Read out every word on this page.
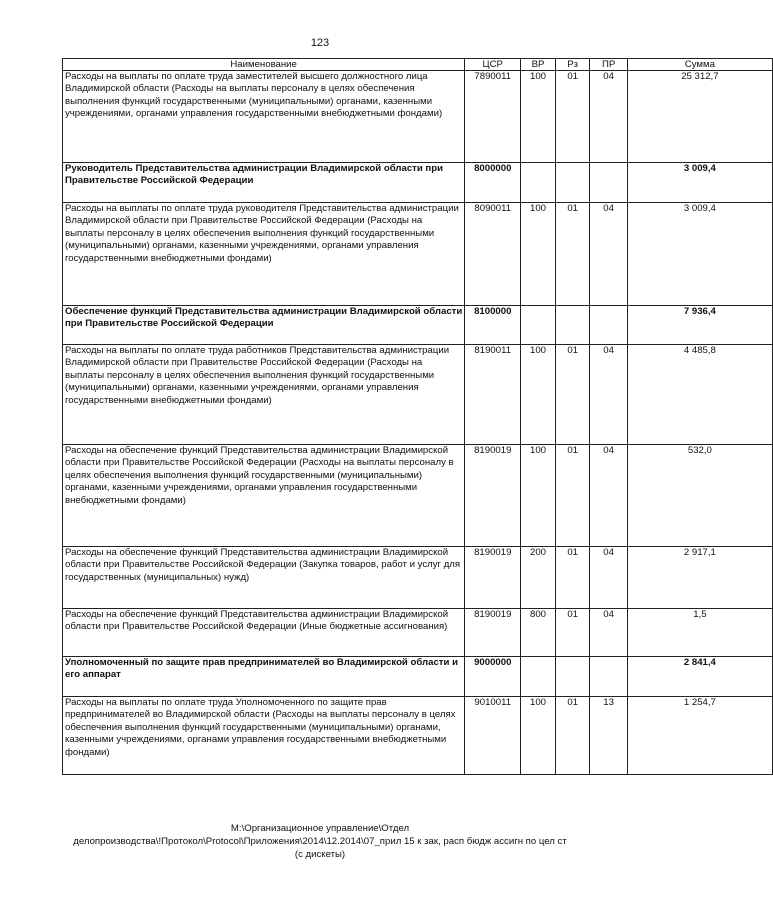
123
Наименование	ЦСР	ВР	Рз	ПР	Сумма
Расходы на выплаты по оплате труда заместителей высшего должностного лица Владимирской области (Расходы на выплаты персоналу в целях обеспечения выполнения функций государственными (муниципальными) органами, казенными учреждениями, органами управления государственными внебюджетными фондами)	7890011	100	01	04	25 312,7
Руководитель Представительства администрации Владимирской области при Правительстве Российской Федерации	8000000				3 009,4
Расходы на выплаты по оплате труда руководителя Представительства администрации Владимирской области при Правительстве Российской Федерации (Расходы на выплаты персоналу в целях обеспечения выполнения функций государственными (муниципальными) органами, казенными учреждениями, органами управления государственными внебюджетными фондами)	8090011	100	01	04	3 009,4
Обеспечение функций Представительства администрации Владимирской области при Правительстве Российской Федерации	8100000				7 936,4
Расходы на выплаты по оплате труда работников Представительства администрации Владимирской области при Правительстве Российской Федерации (Расходы на выплаты персоналу в целях обеспечения выполнения функций государственными (муниципальными) органами, казенными учреждениями, органами управления государственными внебюджетными фондами)	8190011	100	01	04	4 485,8
Расходы на обеспечение функций Представительства администрации Владимирской области при Правительстве Российской Федерации (Расходы на выплаты персоналу в целях обеспечения выполнения функций государственными (муниципальными) органами, казенными учреждениями, органами управления государственными внебюджетными фондами)	8190019	100	01	04	532,0
Расходы на обеспечение функций Представительства администрации Владимирской области при Правительстве Российской Федерации (Закупка товаров, работ и услуг для государственных (муниципальных) нужд)	8190019	200	01	04	2 917,1
Расходы на обеспечение функций Представительства администрации Владимирской области при Правительстве Российской Федерации (Иные бюджетные ассигнования)	8190019	800	01	04	1,5
Уполномоченный по защите прав предпринимателей во Владимирской области и его аппарат	9000000				2 841,4
Расходы на выплаты по оплате труда Уполномоченного по защите прав предпринимателей во Владимирской области (Расходы на выплаты персоналу в целях обеспечения выполнения функций государственными (муниципальными) органами, казенными учреждениями, органами управления государственными внебюджетными фондами)	9010011	100	01	13	1 254,7
M:\Организационное управление\Отдел
делопроизводства\!Протокол\Protocol\Приложения\2014\12.2014\07_прил 15 к зак, расп бюдж ассигн по цел ст
(с дискеты)
